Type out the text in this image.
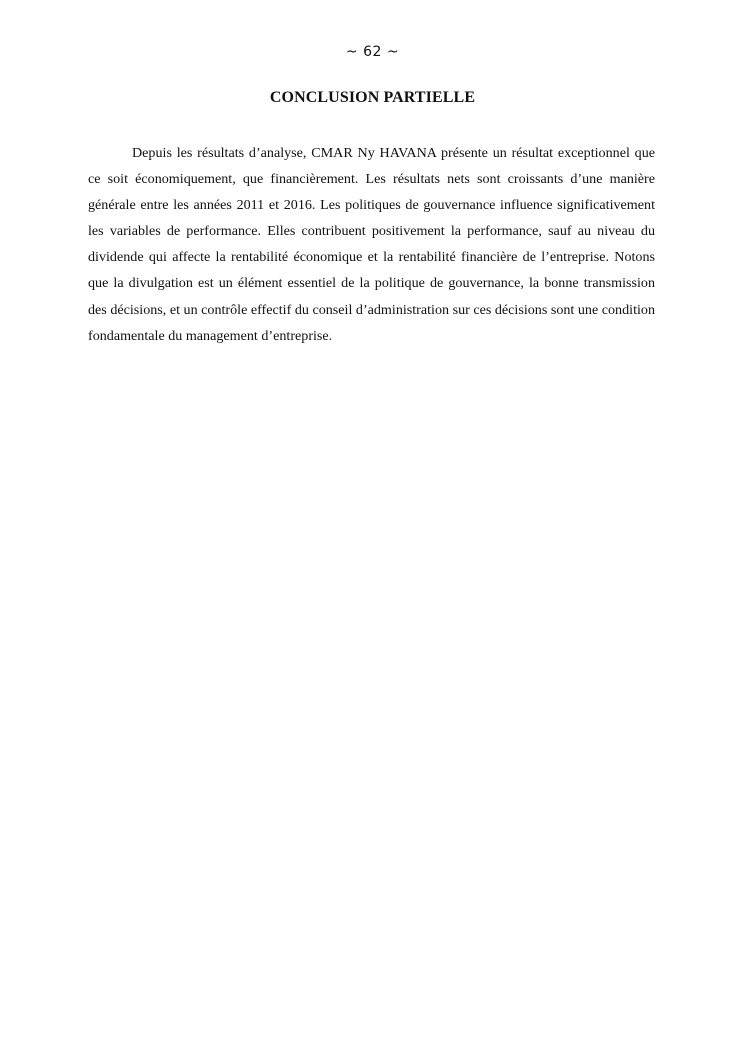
~ 62 ~
CONCLUSION PARTIELLE

Depuis les résultats d’analyse, CMAR Ny HAVANA présente un résultat exceptionnel que ce soit économiquement, que financièrement. Les résultats nets sont croissants d’une manière générale entre les années 2011 et 2016. Les politiques de gouvernance influence significativement les variables de performance. Elles contribuent positivement la performance, sauf au niveau du dividende qui affecte la rentabilité économique et la rentabilité financière de l’entreprise. Notons que la divulgation est un élément essentiel de la politique de gouvernance, la bonne transmission des décisions, et un contrôle effectif du conseil d’administration sur ces décisions sont une condition fondamentale du management d’entreprise.
